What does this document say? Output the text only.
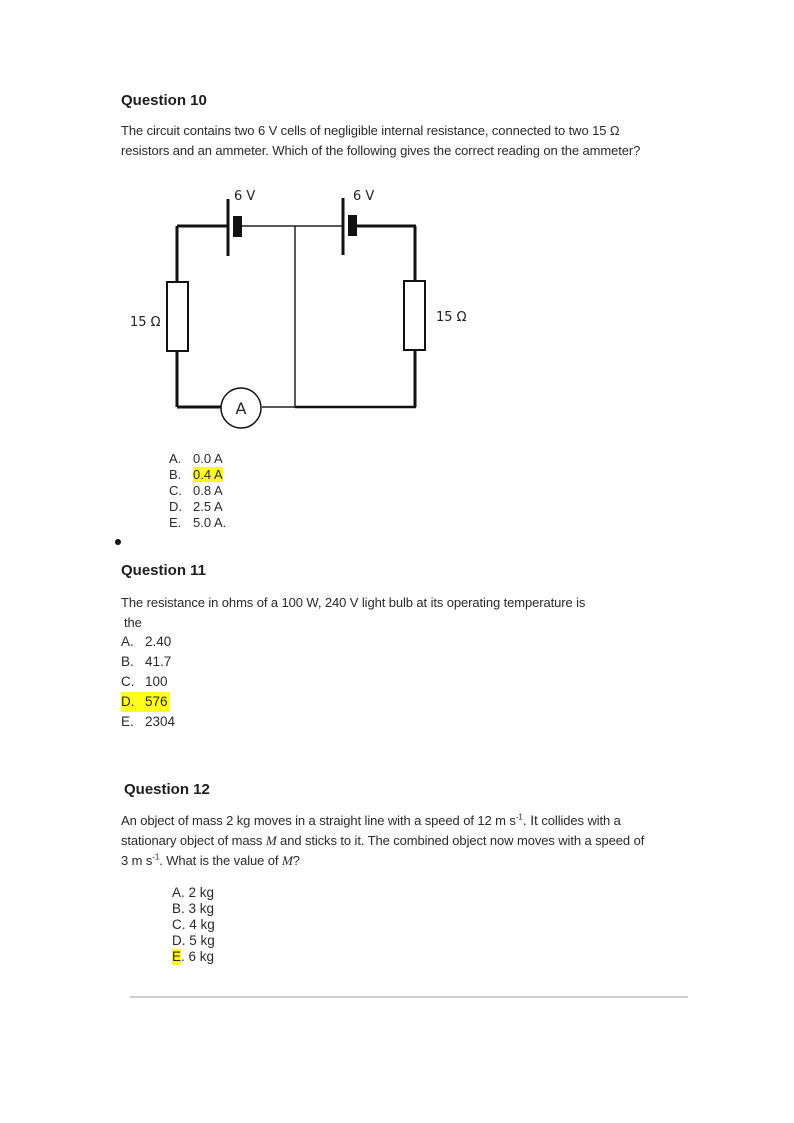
Question 10
The circuit contains two 6 V cells of negligible internal resistance, connected to two 15 Ω
resistors and an ammeter. Which of the following gives the correct reading on the ammeter?
A
6 V	6 V
15 Ω	15 Ω
A. 0.0 A
B. 0.4 A
C. 0.8 A
D. 2.5 A
E. 5.0 A.
Question 11
The resistance in ohms of a 100 W, 240 V light bulb at its operating temperature is
the
A. 2.40
B. 41.7
C. 100
D. 576
E. 2304
Question 12
An object of mass 2 kg moves in a straight line with a speed of 12 m $s^{-1}$. It collides with a
stationary object of mass M and sticks to it. The combined object now moves with a speed of
3 m $s^{-1}$. What is the value of M?
A. 2 kg
B. 3 kg
C. 4 kg
D. 5 kg
E. 6 kg
